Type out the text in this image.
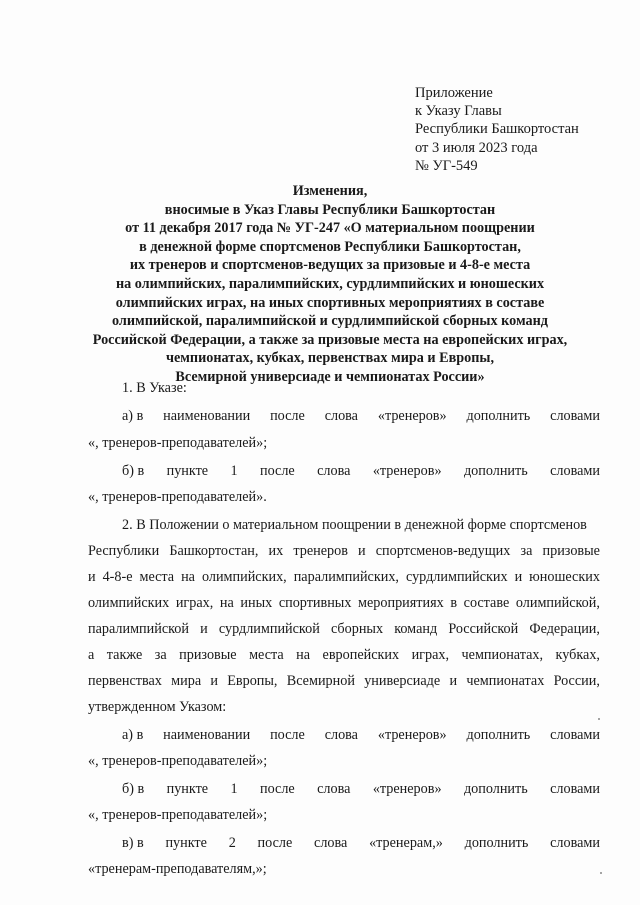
Приложение
к Указу Главы
Республики Башкортостан
от 3 июля 2023 года
№ УГ-549
Изменения,
вносимые в Указ Главы Республики Башкортостан
от 11 декабря 2017 года № УГ-247 «О материальном поощрении
в денежной форме спортсменов Республики Башкортостан,
их тренеров и спортсменов-ведущих за призовые и 4-8-е места
на олимпийских, паралимпийских, сурдлимпийских и юношеских
олимпийских играх, на иных спортивных мероприятиях в составе
олимпийской, паралимпийской и сурдлимпийской сборных команд
Российской Федерации, а также за призовые места на европейских играх,
чемпионатах, кубках, первенствах мира и Европы,
Всемирной универсиаде и чемпионатах России»
1. В Указе:
а) в наименовании после слова «тренеров» дополнить словами
«, тренеров-преподавателей»;
б) в пункте 1 после слова «тренеров» дополнить словами
«, тренеров-преподавателей».
2. В Положении о материальном поощрении в денежной форме спортсменов
Республики Башкортостан, их тренеров и спортсменов-ведущих за призовые
и 4-8-е места на олимпийских, паралимпийских, сурдлимпийских и юношеских
олимпийских играх, на иных спортивных мероприятиях в составе олимпийской,
паралимпийской и сурдлимпийской сборных команд Российской Федерации,
а также за призовые места на европейских играх, чемпионатах, кубках,
первенствах мира и Европы, Всемирной универсиаде и чемпионатах России,
утвержденном Указом:
а) в наименовании после слова «тренеров» дополнить словами
«, тренеров-преподавателей»;
б) в пункте 1 после слова «тренеров» дополнить словами
«, тренеров-преподавателей»;
в) в пункте 2 после слова «тренерам,» дополнить словами
«тренерам-преподавателям,»;
